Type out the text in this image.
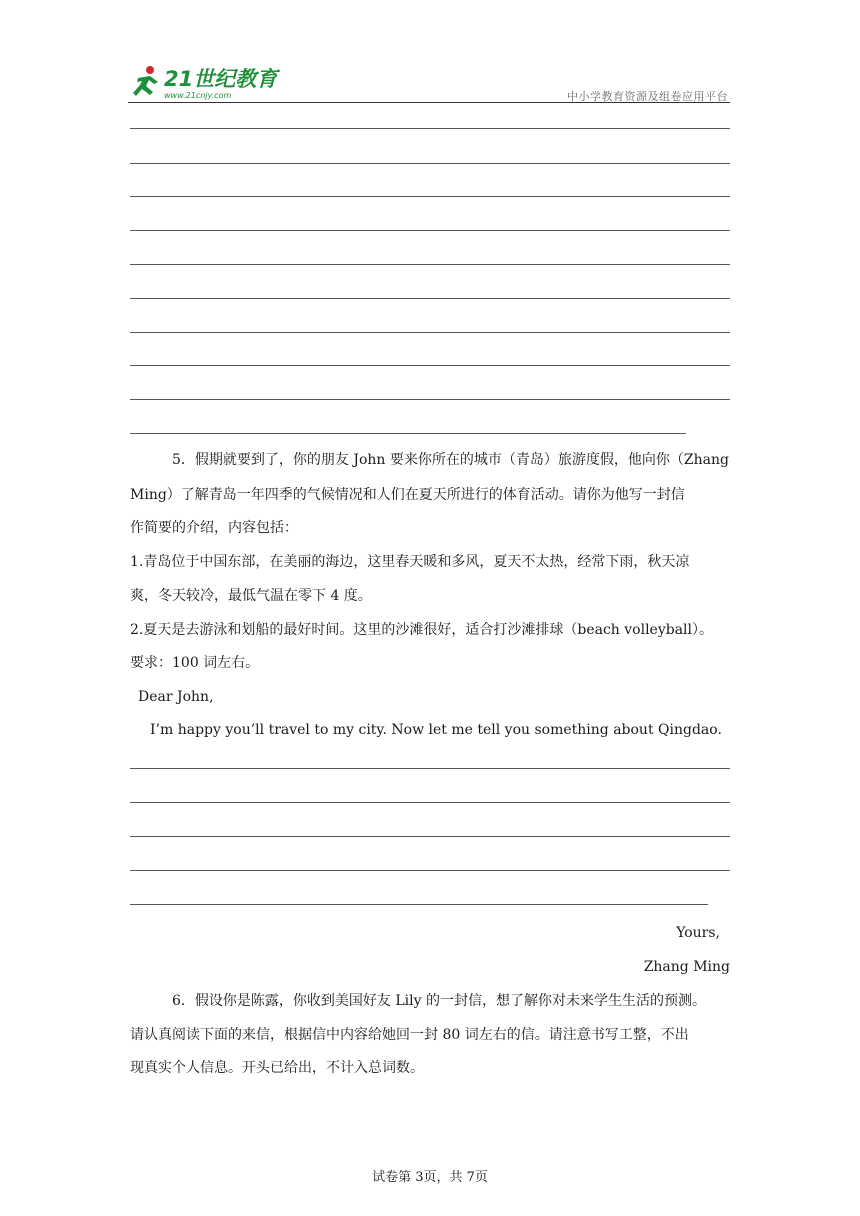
21世纪教育
www.21cnjy.com	中小学教育资源及组卷应用平台
5．假期就要到了，你的朋友 John 要来你所在的城市（青岛）旅游度假，他向你（Zhang
Ming）了解青岛一年四季的气候情况和人们在夏天所进行的体育活动。请你为他写一封信
作简要的介绍，内容包括：
1.青岛位于中国东部，在美丽的海边，这里春天暖和多风，夏天不太热，经常下雨，秋天凉
爽，冬天较冷，最低气温在零下 4 度。
2.夏天是去游泳和划船的最好时间。这里的沙滩很好，适合打沙滩排球（beach volleyball）。
要求：100 词左右。
Dear John,
I’m happy you’ll travel to my city. Now let me tell you something about Qingdao.
Yours,
Zhang Ming
6．假设你是陈露，你收到美国好友 Lily 的一封信，想了解你对未来学生生活的预测。
请认真阅读下面的来信，根据信中内容给她回一封 80 词左右的信。请注意书写工整，不出
现真实个人信息。开头已给出，不计入总词数。
试卷第 3页，共 7页
